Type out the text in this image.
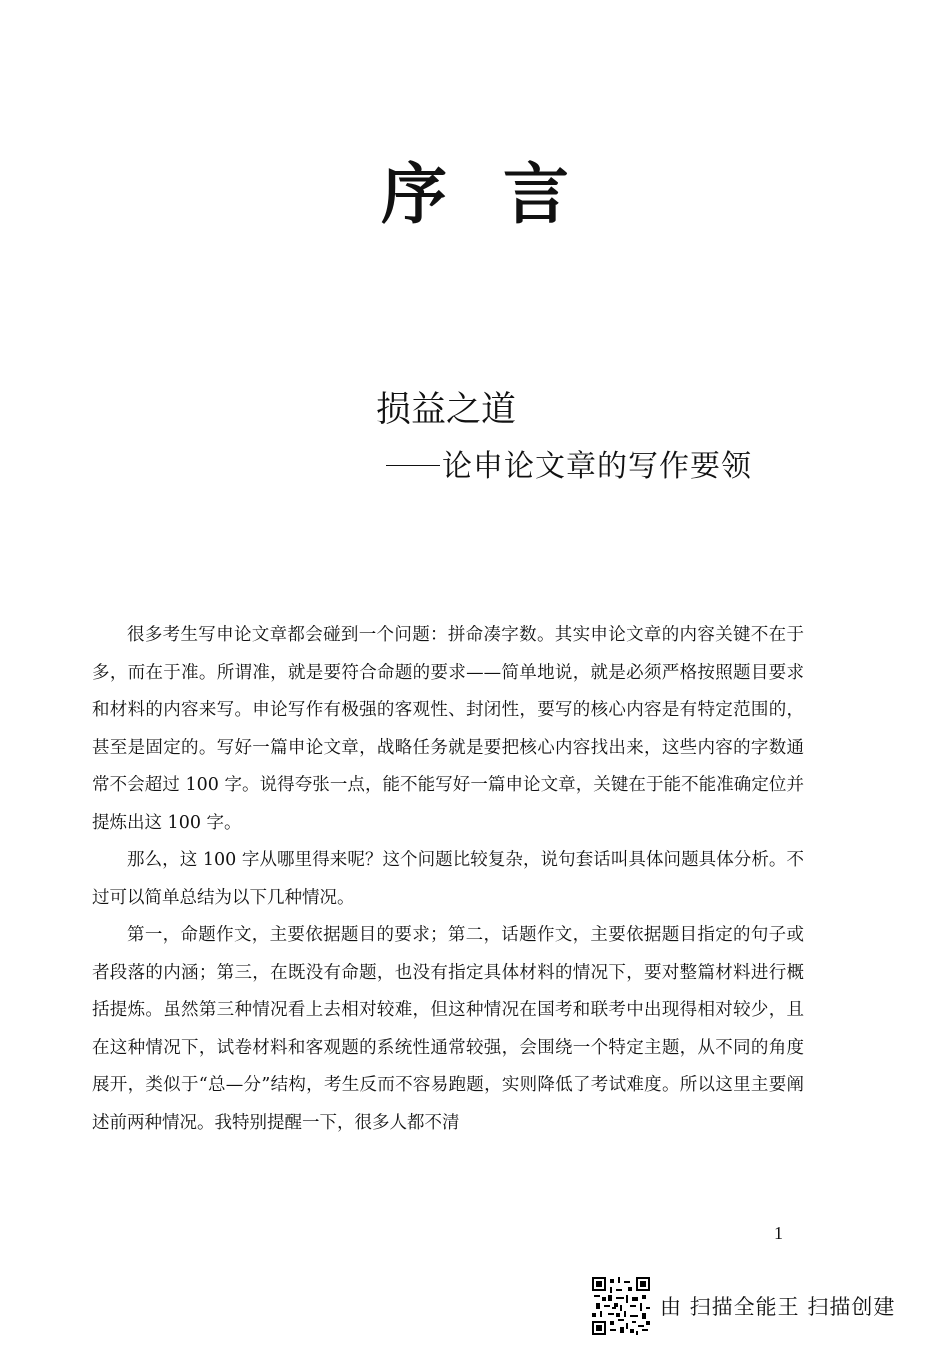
序言
损益之道
论申论文章的写作要领

很多考生写申论文章都会碰到一个问题：拼命凑字数。其实申论文章的内容关键不在于多，而在于准。所谓准，就是要符合命题的要求——简单地说，就是必须严格按照题目要求和材料的内容来写。申论写作有极强的客观性、封闭性，要写的核心内容是有特定范围的，甚至是固定的。写好一篇申论文章，战略任务就是要把核心内容找出来，这些内容的字数通常不会超过 100 字。说得夸张一点，能不能写好一篇申论文章，关键在于能不能准确定位并提炼出这 100 字。

那么，这 100 字从哪里得来呢？这个问题比较复杂，说句套话叫具体问题具体分析。不过可以简单总结为以下几种情况。

第一，命题作文，主要依据题目的要求；第二，话题作文，主要依据题目指定的句子或者段落的内涵；第三，在既没有命题，也没有指定具体材料的情况下，要对整篇材料进行概括提炼。虽然第三种情况看上去相对较难，但这种情况在国考和联考中出现得相对较少，且在这种情况下，试卷材料和客观题的系统性通常较强，会围绕一个特定主题，从不同的角度展开，类似于“总—分”结构，考生反而不容易跑题，实则降低了考试难度。所以这里主要阐述前两种情况。我特别提醒一下，很多人都不清

1
由 扫描全能王 扫描创建
